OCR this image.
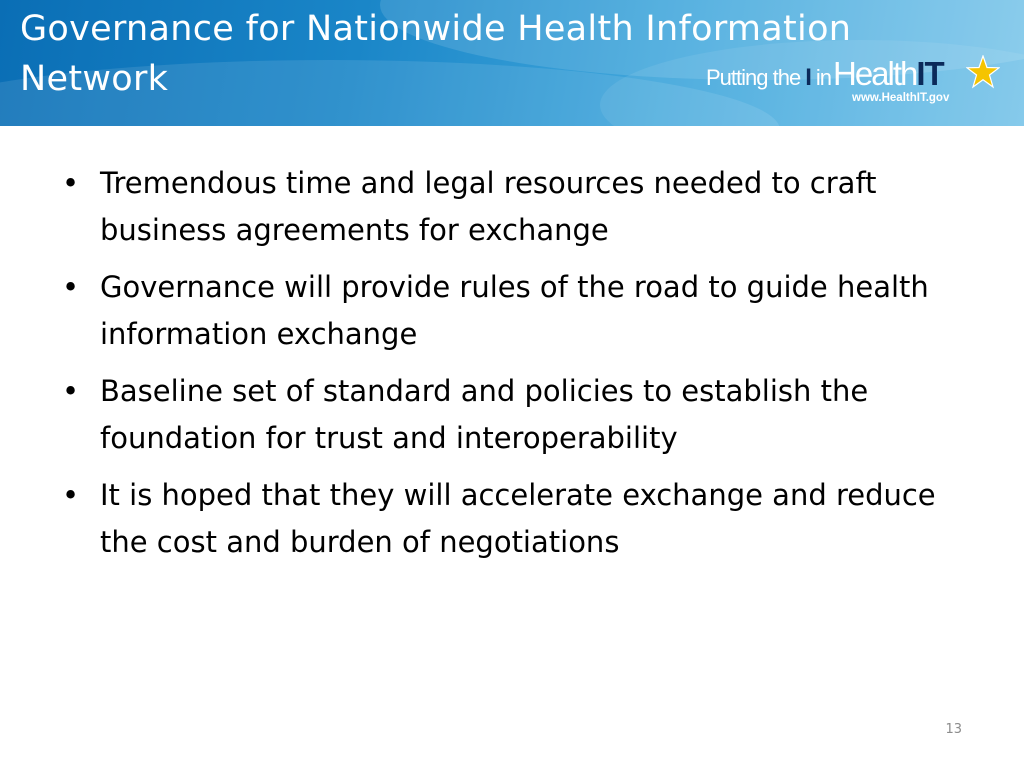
Governance for Nationwide Health Information Network	Putting the I inHealthIT
www.HealthIT.gov
• Tremendous time and legal resources needed to craft business agreements for exchange
• Governance will provide rules of the road to guide health information exchange
• Baseline set of standard and policies to establish the foundation for trust and interoperability
• It is hoped that they will accelerate exchange and reduce the cost and burden of negotiations
13
